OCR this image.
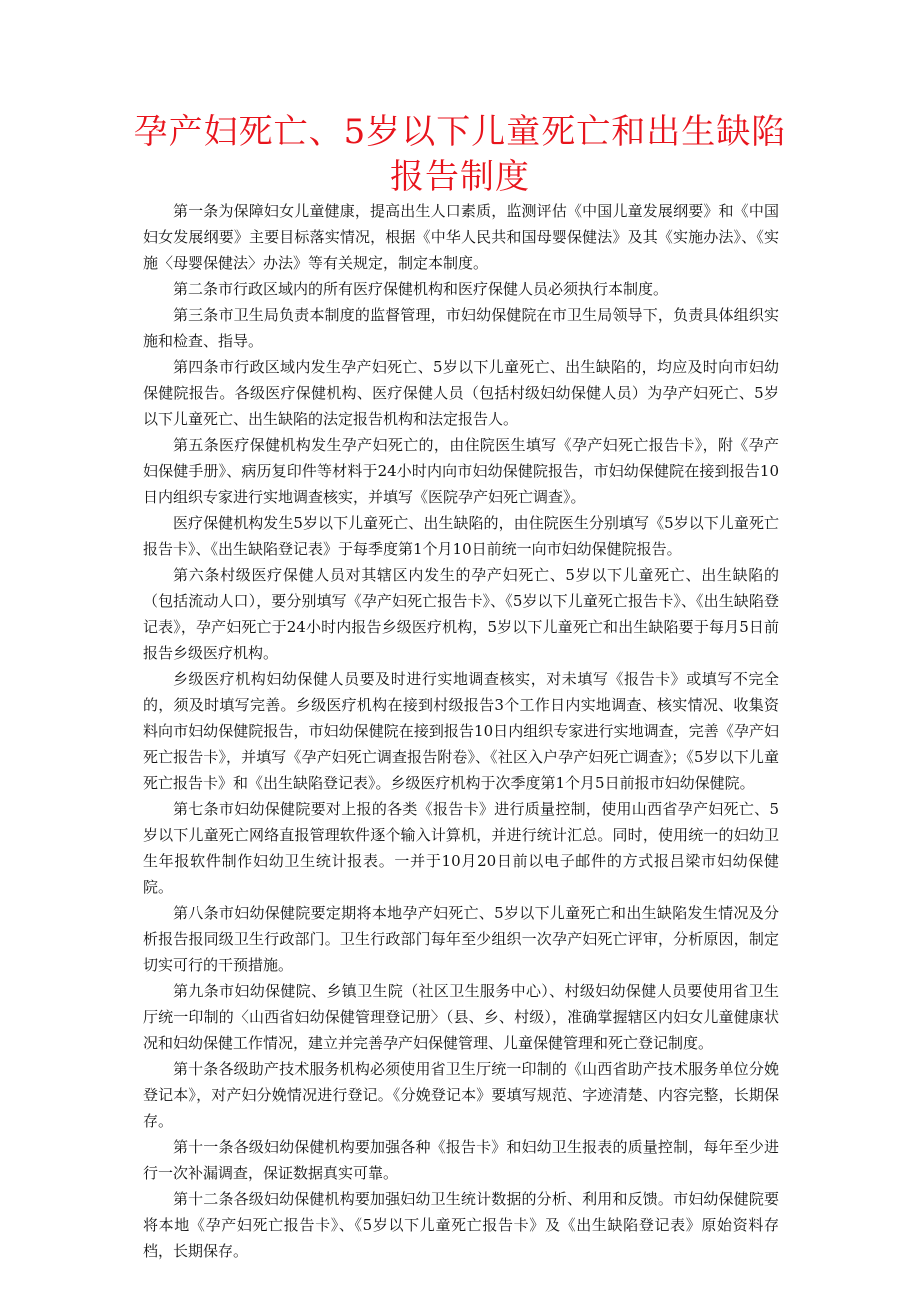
孕产妇死亡、5岁以下儿童死亡和出生缺陷报告制度

第一条为保障妇女儿童健康，提高出生人口素质，监测评估《中国儿童发展纲要》和《中国妇女发展纲要》主要目标落实情况，根据《中华人民共和国母婴保健法》及其《实施办法》、《实施〈母婴保健法〉办法》等有关规定，制定本制度。

第二条市行政区域内的所有医疗保健机构和医疗保健人员必须执行本制度。

第三条市卫生局负责本制度的监督管理，市妇幼保健院在市卫生局领导下，负责具体组织实施和检查、指导。

第四条市行政区域内发生孕产妇死亡、5岁以下儿童死亡、出生缺陷的，均应及时向市妇幼保健院报告。各级医疗保健机构、医疗保健人员（包括村级妇幼保健人员）为孕产妇死亡、5岁以下儿童死亡、出生缺陷的法定报告机构和法定报告人。

第五条医疗保健机构发生孕产妇死亡的，由住院医生填写《孕产妇死亡报告卡》，附《孕产妇保健手册》、病历复印件等材料于24小时内向市妇幼保健院报告，市妇幼保健院在接到报告10日内组织专家进行实地调查核实，并填写《医院孕产妇死亡调查》。

医疗保健机构发生5岁以下儿童死亡、出生缺陷的，由住院医生分别填写《5岁以下儿童死亡报告卡》、《出生缺陷登记表》于每季度第1个月10日前统一向市妇幼保健院报告。

第六条村级医疗保健人员对其辖区内发生的孕产妇死亡、5岁以下儿童死亡、出生缺陷的（包括流动人口），要分别填写《孕产妇死亡报告卡》、《5岁以下儿童死亡报告卡》、《出生缺陷登记表》，孕产妇死亡于24小时内报告乡级医疗机构，5岁以下儿童死亡和出生缺陷要于每月5日前报告乡级医疗机构。

乡级医疗机构妇幼保健人员要及时进行实地调查核实，对未填写《报告卡》或填写不完全的，须及时填写完善。乡级医疗机构在接到村级报告3个工作日内实地调查、核实情况、收集资料向市妇幼保健院报告，市妇幼保健院在接到报告10日内组织专家进行实地调查，完善《孕产妇死亡报告卡》，并填写《孕产妇死亡调查报告附卷》、《社区入户孕产妇死亡调查》；《5岁以下儿童死亡报告卡》和《出生缺陷登记表》。乡级医疗机构于次季度第1个月5日前报市妇幼保健院。

第七条市妇幼保健院要对上报的各类《报告卡》进行质量控制，使用山西省孕产妇死亡、5岁以下儿童死亡网络直报管理软件逐个输入计算机，并进行统计汇总。同时，使用统一的妇幼卫生年报软件制作妇幼卫生统计报表。一并于10月20日前以电子邮件的方式报吕梁市妇幼保健院。

第八条市妇幼保健院要定期将本地孕产妇死亡、5岁以下儿童死亡和出生缺陷发生情况及分析报告报同级卫生行政部门。卫生行政部门每年至少组织一次孕产妇死亡评审，分析原因，制定切实可行的干预措施。

第九条市妇幼保健院、乡镇卫生院（社区卫生服务中心）、村级妇幼保健人员要使用省卫生厅统一印制的〈山西省妇幼保健管理登记册〉（县、乡、村级），准确掌握辖区内妇女儿童健康状况和妇幼保健工作情况，建立并完善孕产妇保健管理、儿童保健管理和死亡登记制度。

第十条各级助产技术服务机构必须使用省卫生厅统一印制的《山西省助产技术服务单位分娩登记本》，对产妇分娩情况进行登记。《分娩登记本》要填写规范、字迹清楚、内容完整，长期保存。

第十一条各级妇幼保健机构要加强各种《报告卡》和妇幼卫生报表的质量控制，每年至少进行一次补漏调查，保证数据真实可靠。

第十二条各级妇幼保健机构要加强妇幼卫生统计数据的分析、利用和反馈。市妇幼保健院要将本地《孕产妇死亡报告卡》、《5岁以下儿童死亡报告卡》及《出生缺陷登记表》原始资料存档，长期保存。
